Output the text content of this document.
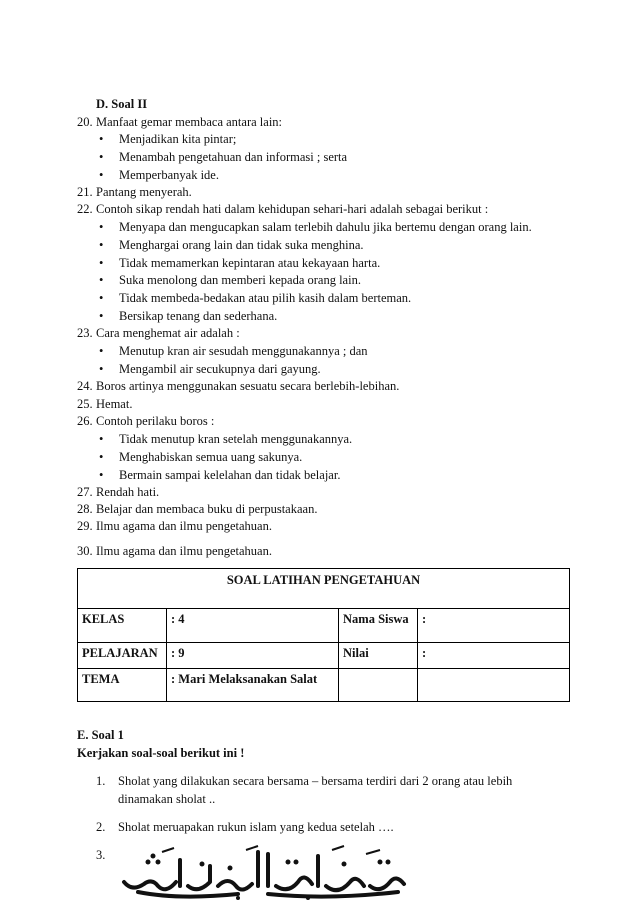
D. Soal II
20. Manfaat gemar membaca antara lain:
• Menjadikan kita pintar;
• Menambah pengetahuan dan informasi ; serta
• Memperbanyak ide.
21. Pantang menyerah.
22. Contoh sikap rendah hati dalam kehidupan sehari-hari adalah sebagai berikut :
• Menyapa dan mengucapkan salam terlebih dahulu jika bertemu dengan orang lain.
• Menghargai orang lain dan tidak suka menghina.
• Tidak memamerkan kepintaran atau kekayaan harta.
• Suka menolong dan memberi kepada orang lain.
• Tidak membeda-bedakan atau pilih kasih dalam berteman.
• Bersikap tenang dan sederhana.
23. Cara menghemat air adalah :
• Menutup kran air sesudah menggunakannya ; dan
• Mengambil air secukupnya dari gayung.
24. Boros artinya menggunakan sesuatu secara berlebih-lebihan.
25. Hemat.
26. Contoh perilaku boros :
• Tidak menutup kran setelah menggunakannya.
• Menghabiskan semua uang sakunya.
• Bermain sampai kelelahan dan tidak belajar.
27. Rendah hati.
28. Belajar dan membaca buku di perpustakaan.
29. Ilmu agama dan ilmu pengetahuan.
30. Ilmu agama dan ilmu pengetahuan.
SOAL LATIHAN PENGETAHUAN			
KELAS	: 4	Nama Siswa	:
PELAJARAN	: 9	Nilai	:
TEMA	: Mari Melaksanakan Salat		
E. Soal 1
Kerjakan soal-soal berikut ini !
1. Sholat yang dilakukan secara bersama – bersama terdiri dari 2 orang atau lebih
dinamakan sholat ..
2. Sholat meruapakan rukun islam yang kedua setelah ….
3.
